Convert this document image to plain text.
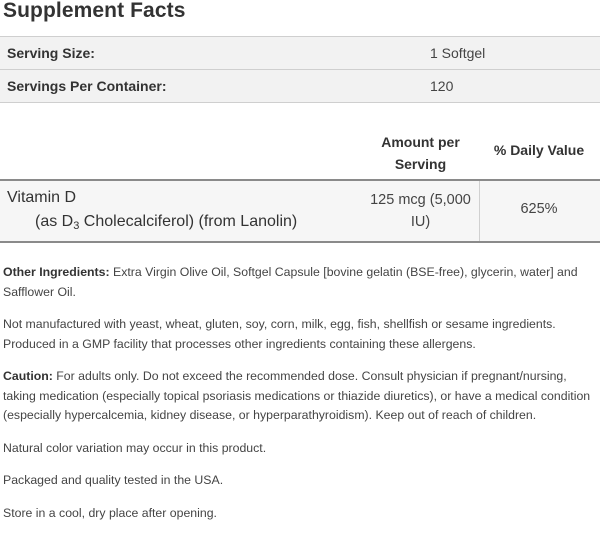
Supplement Facts
Serving Size:	1 Softgel
Servings Per Container:	120
Amount per
Serving
% Daily Value
Vitamin D
(as $D_3$ Cholecalciferol) (from Lanolin)
125 mcg (5,000
IU)
625%

Other Ingredients: Extra Virgin Olive Oil, Softgel Capsule [bovine gelatin (BSE-free), glycerin, water] and Safflower Oil.

Not manufactured with yeast, wheat, gluten, soy, corn, milk, egg, fish, shellfish or sesame ingredients. Produced in a GMP facility that processes other ingredients containing these allergens.

Caution: For adults only. Do not exceed the recommended dose. Consult physician if pregnant/nursing, taking medication (especially topical psoriasis medications or thiazide diuretics), or have a medical condition (especially hypercalcemia, kidney disease, or hyperparathyroidism). Keep out of reach of children.

Natural color variation may occur in this product.

Packaged and quality tested in the USA.

Store in a cool, dry place after opening.
